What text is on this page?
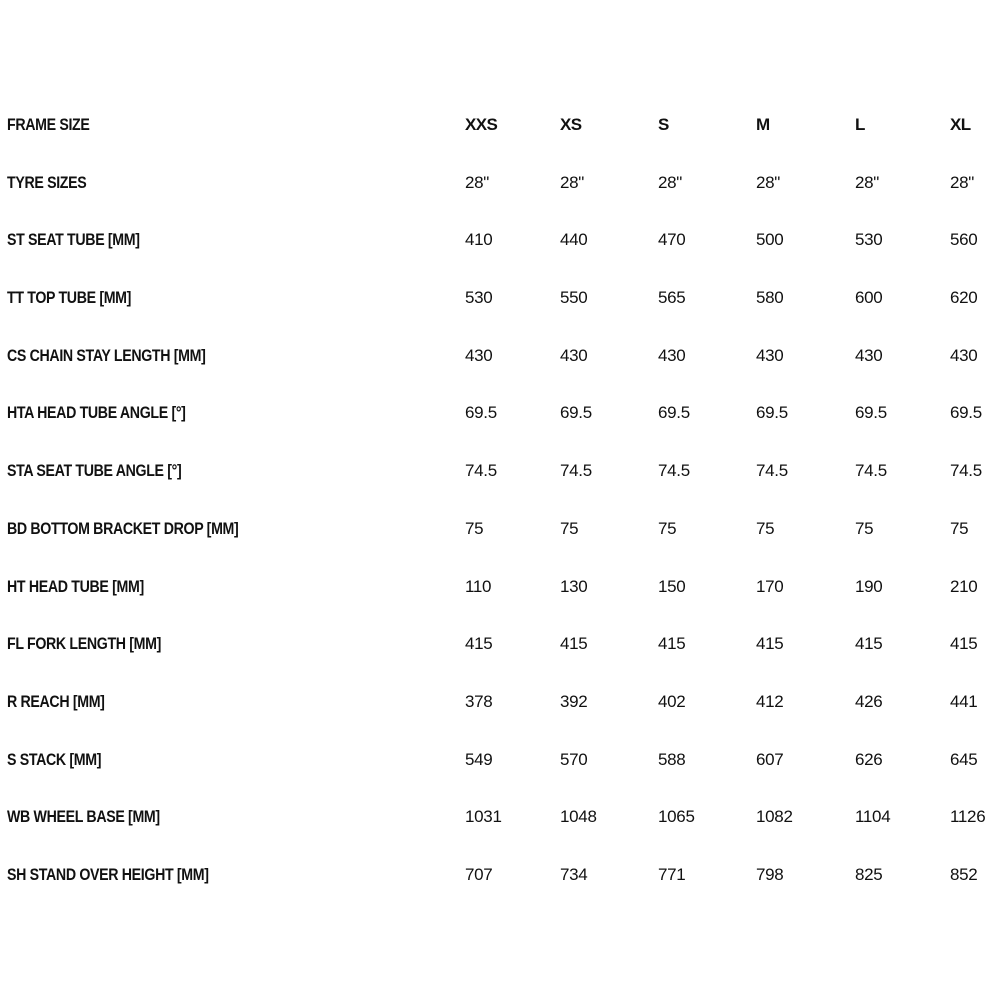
FRAME SIZE	XXS	XS	S	M	L	XL
TYRE SIZES	28"	28"	28"	28"	28"	28"
ST SEAT TUBE [MM]	410	440	470	500	530	560
TT TOP TUBE [MM]	530	550	565	580	600	620
CS CHAIN STAY LENGTH [MM]	430	430	430	430	430	430
HTA HEAD TUBE ANGLE [°]	69.5	69.5	69.5	69.5	69.5	69.5
STA SEAT TUBE ANGLE [°]	74.5	74.5	74.5	74.5	74.5	74.5
BD BOTTOM BRACKET DROP [MM]	75	75	75	75	75	75
HT HEAD TUBE [MM]	110	130	150	170	190	210
FL FORK LENGTH [MM]	415	415	415	415	415	415
R REACH [MM]	378	392	402	412	426	441
S STACK [MM]	549	570	588	607	626	645
WB WHEEL BASE [MM]	1031	1048	1065	1082	1104	1126
SH STAND OVER HEIGHT [MM]	707	734	771	798	825	852
